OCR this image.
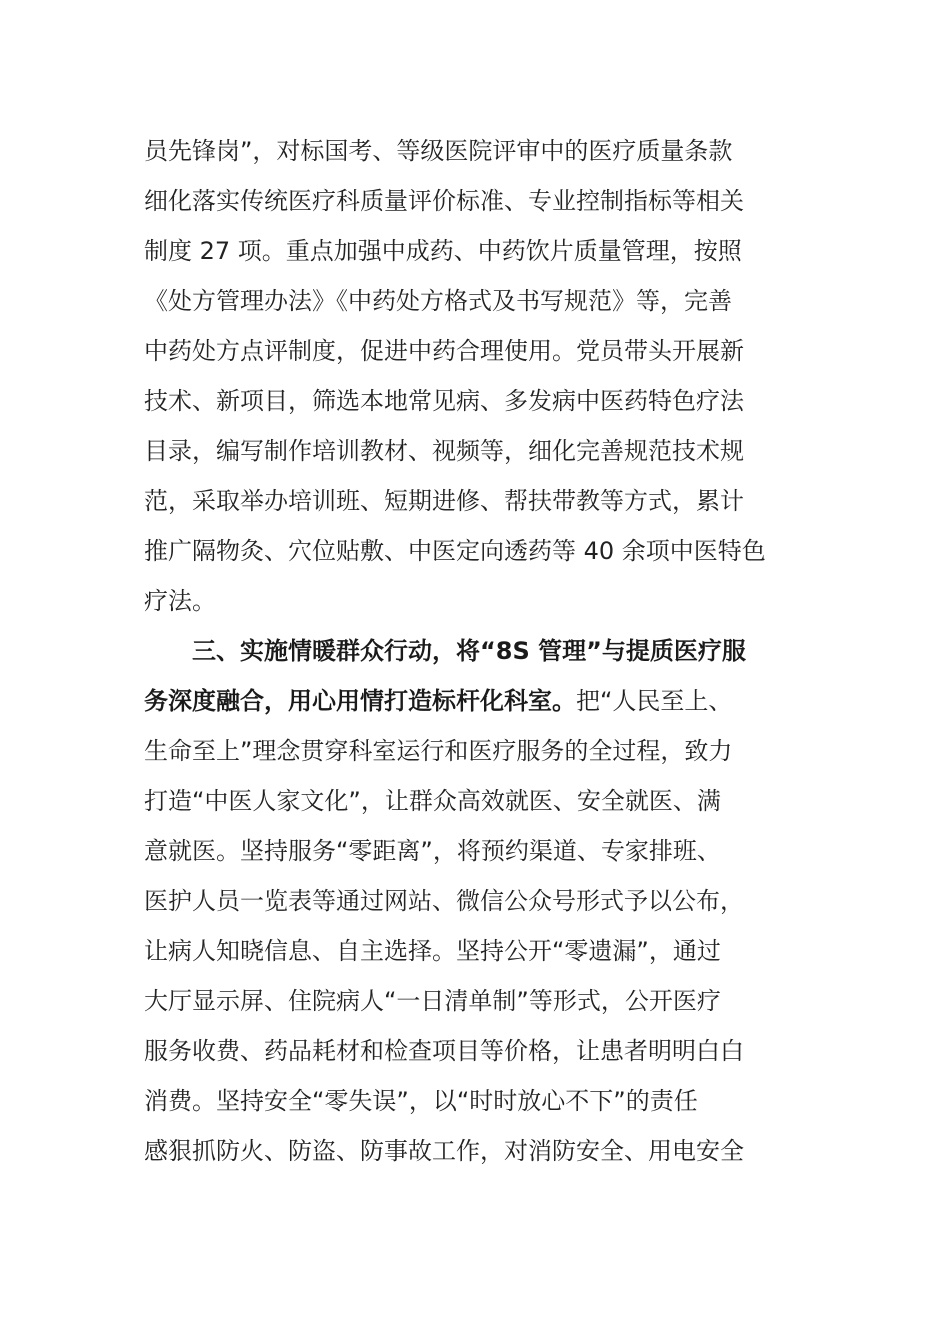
员先锋岗”，对标国考、等级医院评审中的医疗质量条款
细化落实传统医疗科质量评价标准、专业控制指标等相关
制度 27 项。重点加强中成药、中药饮片质量管理，按照
《处方管理办法》《中药处方格式及书写规范》等，完善
中药处方点评制度，促进中药合理使用。党员带头开展新
技术、新项目，筛选本地常见病、多发病中医药特色疗法
目录，编写制作培训教材、视频等，细化完善规范技术规
范，采取举办培训班、短期进修、帮扶带教等方式，累计
推广隔物灸、穴位贴敷、中医定向透药等 40 余项中医特色
疗法。
三、实施情暖群众行动，将“8S 管理”与提质医疗服
务深度融合，用心用情打造标杆化科室。把“人民至上、
生命至上”理念贯穿科室运行和医疗服务的全过程，致力
打造“中医人家文化”，让群众高效就医、安全就医、满
意就医。坚持服务“零距离”，将预约渠道、专家排班、
医护人员一览表等通过网站、微信公众号形式予以公布，
让病人知晓信息、自主选择。坚持公开“零遗漏”，通过
大厅显示屏、住院病人“一日清单制”等形式，公开医疗
服务收费、药品耗材和检查项目等价格，让患者明明白白
消费。坚持安全“零失误”，以“时时放心不下”的责任
感狠抓防火、防盗、防事故工作，对消防安全、用电安全
